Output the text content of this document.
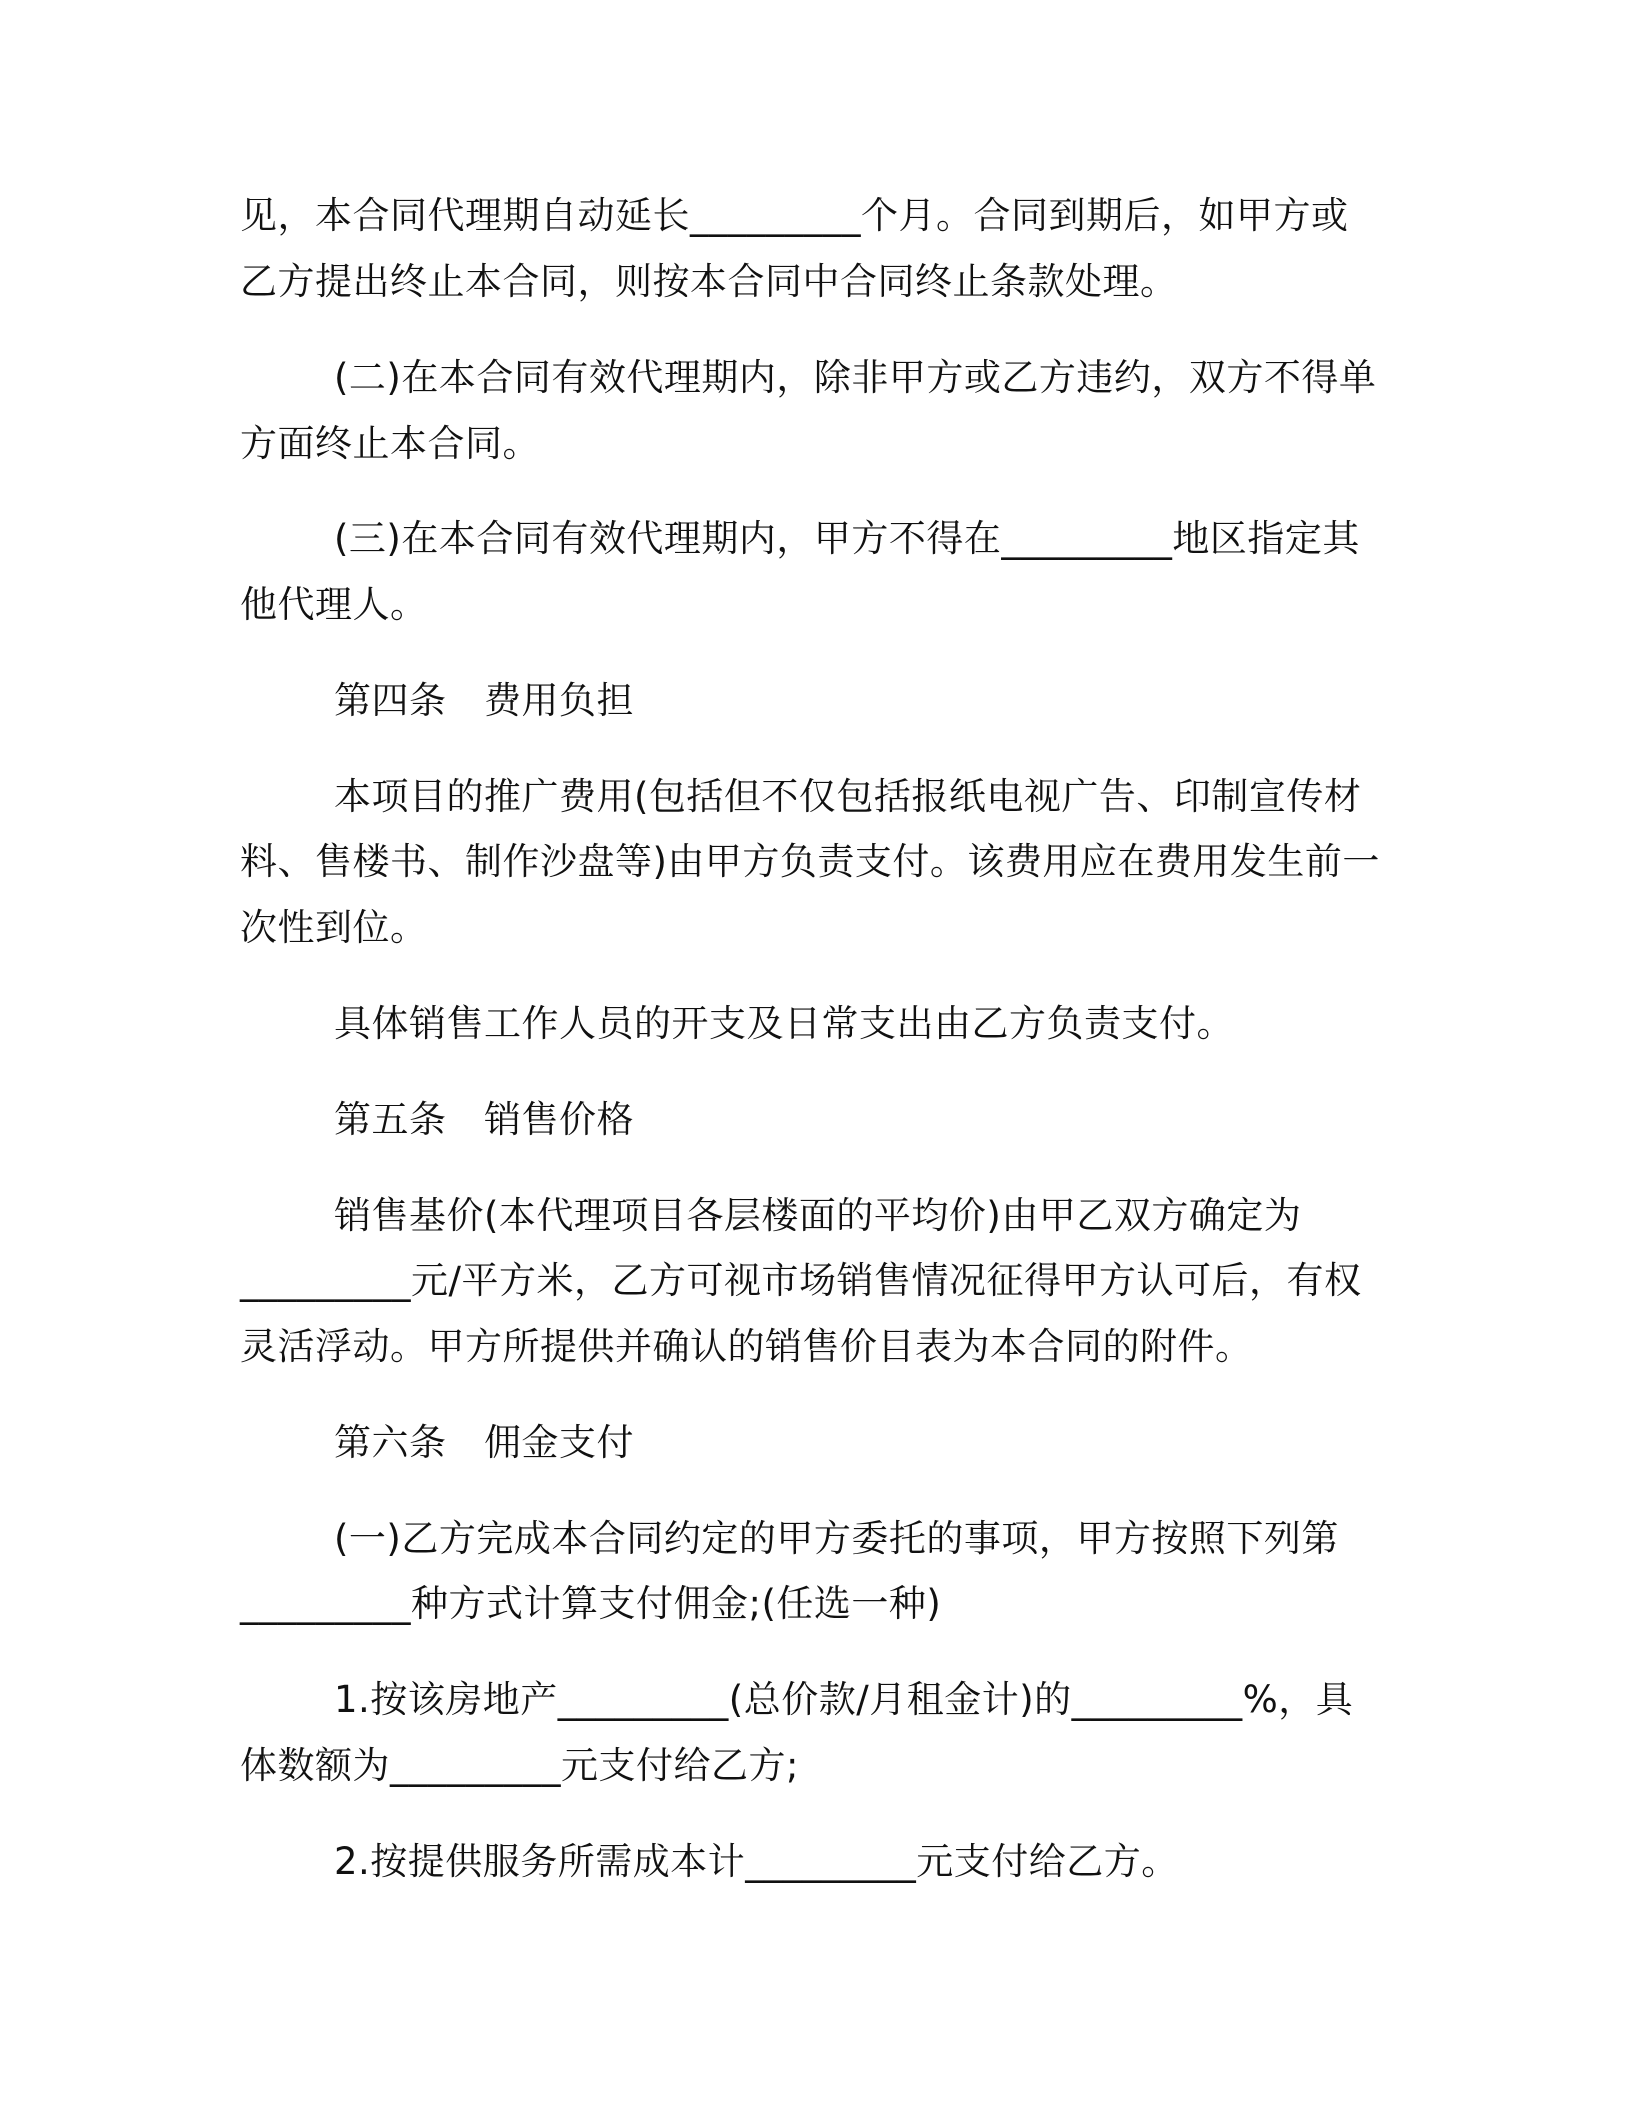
见，本合同代理期自动延长_________个月。合同到期后，如甲方或
乙方提出终止本合同，则按本合同中合同终止条款处理。
(二)在本合同有效代理期内，除非甲方或乙方违约，双方不得单
方面终止本合同。
(三)在本合同有效代理期内，甲方不得在_________地区指定其
他代理人。
第四条　费用负担
本项目的推广费用(包括但不仅包括报纸电视广告、印制宣传材
料、售楼书、制作沙盘等)由甲方负责支付。该费用应在费用发生前一
次性到位。
具体销售工作人员的开支及日常支出由乙方负责支付。
第五条　销售价格
销售基价(本代理项目各层楼面的平均价)由甲乙双方确定为
_________元/平方米，乙方可视市场销售情况征得甲方认可后，有权
灵活浮动。甲方所提供并确认的销售价目表为本合同的附件。
第六条　佣金支付
(一)乙方完成本合同约定的甲方委托的事项，甲方按照下列第
_________种方式计算支付佣金;(任选一种)
1.按该房地产_________(总价款/月租金计)的_________%，具
体数额为_________元支付给乙方;
2.按提供服务所需成本计_________元支付给乙方。
